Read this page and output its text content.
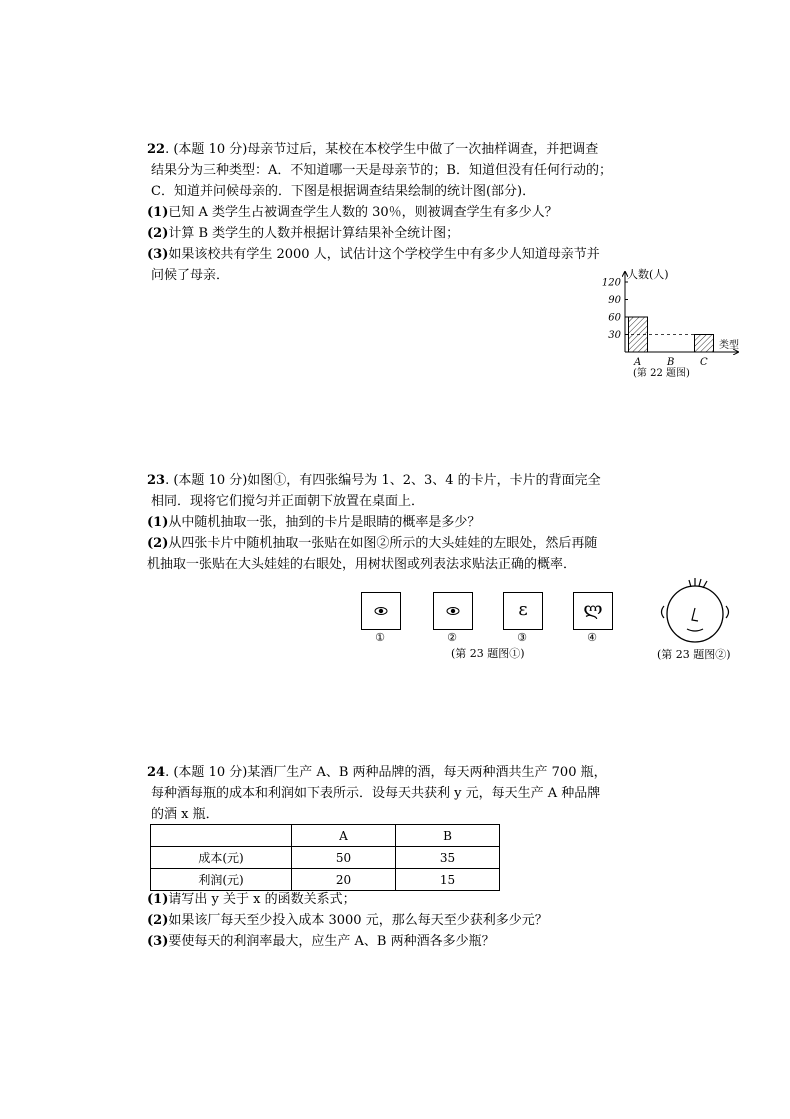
22. (本题 10 分)母亲节过后，某校在本校学生中做了一次抽样调查，并把调查
结果分为三种类型：A．不知道哪一天是母亲节的；B．知道但没有任何行动的；
C．知道并问候母亲的．下图是根据调查结果绘制的统计图(部分)．
(1)已知 A 类学生占被调查学生人数的 30％，则被调查学生有多少人？
(2)计算 B 类学生的人数并根据计算结果补全统计图；
(3)如果该校共有学生 2000 人，试估计这个学校学生中有多少人知道母亲节并
问候了母亲．
30
60
90
120
A	B	C
人数(人)
类型
(第 22 题图)
23. (本题 10 分)如图①，有四张编号为 1、2、3、4 的卡片，卡片的背面完全
相同．现将它们搅匀并正面朝下放置在桌面上．
(1)从中随机抽取一张，抽到的卡片是眼睛的概率是多少？
(2)从四张卡片中随机抽取一张贴在如图②所示的大头娃娃的左眼处，然后再随
机抽取一张贴在大头娃娃的右眼处，用树状图或列表法求贴法正确的概率．
①	②
ε
③
ლ
④
(第 23 题图①)	(第 23 题图②)
24. (本题 10 分)某酒厂生产 A、B 两种品牌的酒，每天两种酒共生产 700 瓶，
每种酒每瓶的成本和利润如下表所示．设每天共获利 y 元，每天生产 A 种品牌
的酒 x 瓶．
	A	B
成本(元)	50	35
利润(元)	20	15
(1)请写出 y 关于 x 的函数关系式；
(2)如果该厂每天至少投入成本 3000 元，那么每天至少获利多少元？
(3)要使每天的利润率最大，应生产 A、B 两种酒各多少瓶？
